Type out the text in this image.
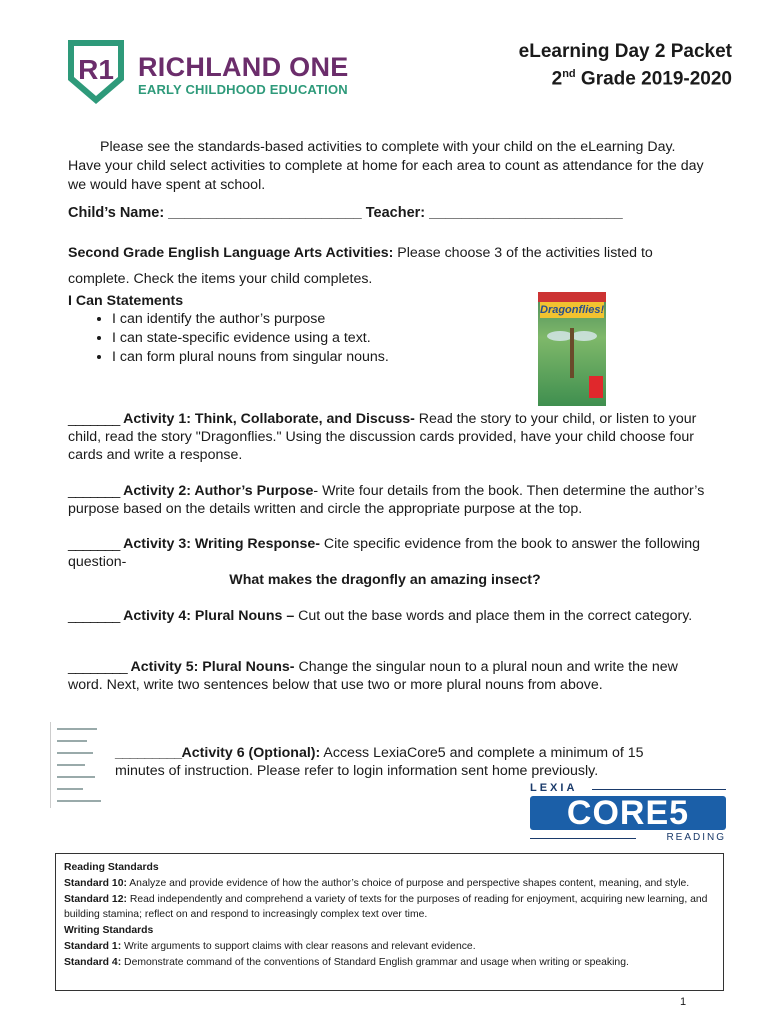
R1 RICHLAND ONE
EARLY CHILDHOOD EDUCATION
eLearning Day 2 Packet
2nd Grade 2019-2020
Please see the standards-based activities to complete with your child on the eLearning Day. Have your child select activities to complete at home for each area to count as attendance for the day we would have spent at school.
Child’s Name: ________________________ Teacher: ________________________
Second Grade English Language Arts Activities: Please choose 3 of the activities listed to complete. Check the items your child completes.
I Can Statements
• I can identify the author’s purpose
• I can state-specific evidence using a text.
• I can form plural nouns from singular nouns.
Dragonflies!
_______ Activity 1: Think, Collaborate, and Discuss- Read the story to your child, or listen to your child, read the story "Dragonflies." Using the discussion cards provided, have your child choose four cards and write a response.
_______ Activity 2: Author’s Purpose- Write four details from the book. Then determine the author’s purpose based on the details written and circle the appropriate purpose at the top.
_______ Activity 3: Writing Response- Cite specific evidence from the book to answer the following question-
What makes the dragonfly an amazing insect?
_______ Activity 4: Plural Nouns – Cut out the base words and place them in the correct category.
________ Activity 5: Plural Nouns- Change the singular noun to a plural noun and write the new word. Next, write two sentences below that use two or more plural nouns from above.
_________Activity 6 (Optional): Access LexiaCore5 and complete a minimum of 15 minutes of instruction. Please refer to login information sent home previously.
LEXIA
CORE5
READING
Reading Standards
Standard 10: Analyze and provide evidence of how the author’s choice of purpose and perspective shapes content, meaning, and style.
Standard 12: Read independently and comprehend a variety of texts for the purposes of reading for enjoyment, acquiring new learning, and building stamina; reflect on and respond to increasingly complex text over time.
Writing Standards
Standard 1: Write arguments to support claims with clear reasons and relevant evidence.
Standard 4: Demonstrate command of the conventions of Standard English grammar and usage when writing or speaking.
1
